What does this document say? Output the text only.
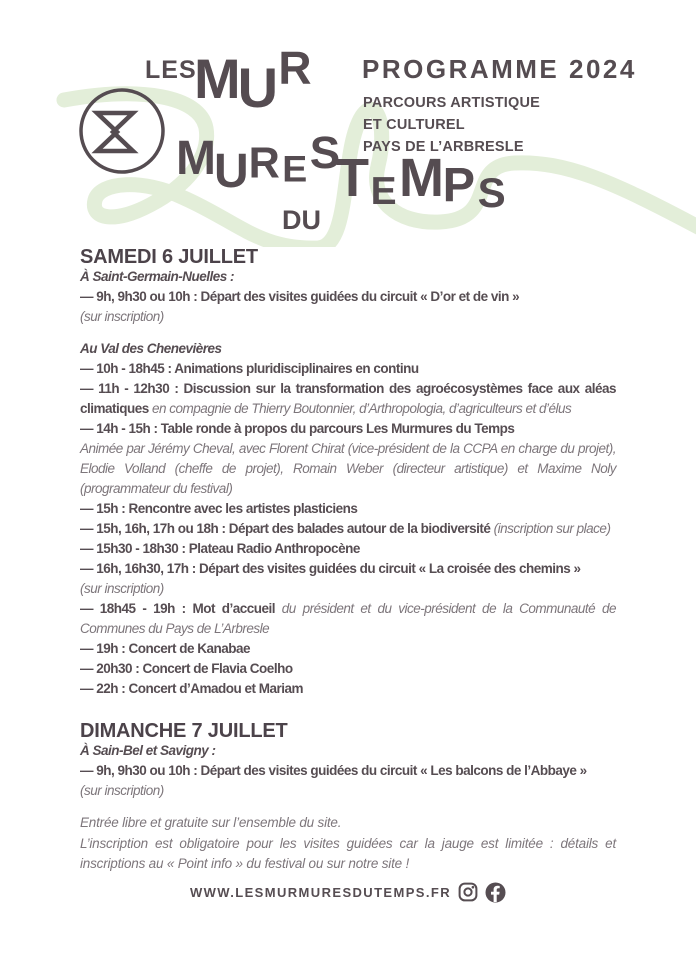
LES
MUR
MUR ES
DU
TEMPS
PROGRAMME 2024
PARCOURS ARTISTIQUE
ET CULTUREL
PAYS DE L’ARBRESLE
SAMEDI 6 JUILLET

À Saint-Germain-Nuelles :

— 9h, 9h30 ou 10h : Départ des visites guidées du circuit « D’or et de vin »

(sur inscription)

Au Val des Chenevières

— 10h - 18h45 : Animations pluridisciplinaires en continu

— 11h - 12h30 : Discussion sur la transformation des agroécosystèmes face aux aléas climatiques en compagnie de Thierry Boutonnier, d’Arthropologia, d’agriculteurs et d’élus

— 14h - 15h : Table ronde à propos du parcours Les Murmures du Temps

Animée par Jérémy Cheval, avec Florent Chirat (vice-président de la CCPA en charge du projet), Elodie Volland (cheffe de projet), Romain Weber (directeur artistique) et Maxime Noly (programmateur du festival)

— 15h : Rencontre avec les artistes plasticiens

— 15h, 16h, 17h ou 18h : Départ des balades autour de la biodiversité (inscription sur place)

— 15h30 - 18h30 : Plateau Radio Anthropocène

— 16h, 16h30, 17h : Départ des visites guidées du circuit « La croisée des chemins »

(sur inscription)

— 18h45 - 19h : Mot d’accueil du président et du vice-président de la Communauté de Communes du Pays de L’Arbresle

— 19h : Concert de Kanabae

— 20h30 : Concert de Flavia Coelho

— 22h : Concert d’Amadou et Mariam

DIMANCHE 7 JUILLET

À Sain-Bel et Savigny :

— 9h, 9h30 ou 10h : Départ des visites guidées du circuit « Les balcons de l’Abbaye »

(sur inscription)

Entrée libre et gratuite sur l’ensemble du site.

L’inscription est obligatoire pour les visites guidées car la jauge est limitée : détails et inscriptions au « Point info » du festival ou sur notre site !

WWW.LESMURMURESDUTEMPS.FR
